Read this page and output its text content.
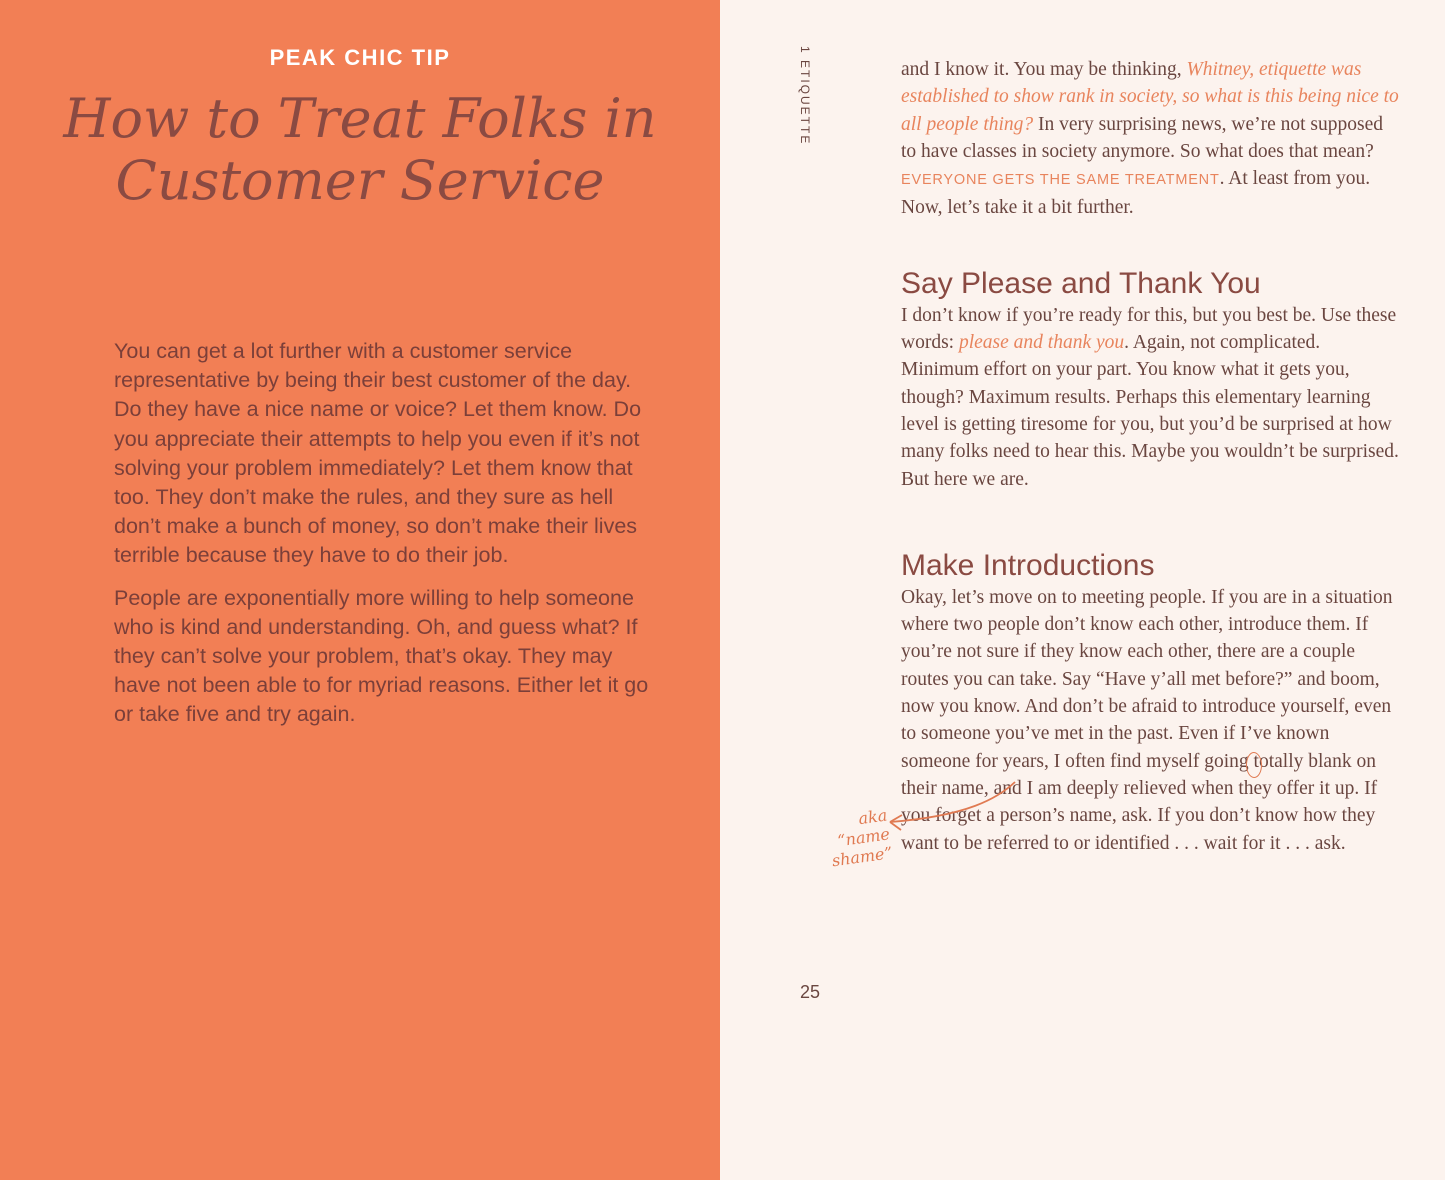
PEAK CHIC TIP
How to Treat Folks in Customer Service

You can get a lot further with a customer service representative by being their best customer of the day. Do they have a nice name or voice? Let them know. Do you appreciate their attempts to help you even if it’s not solving your problem immediately? Let them know that too. They don’t make the rules, and they sure as hell don’t make a bunch of money, so don’t make their lives terrible because they have to do their job.

People are exponentially more willing to help someone who is kind and understanding. Oh, and guess what? If they can’t solve your problem, that’s okay. They may have not been able to for myriad reasons. Either let it go or take five and try again.

1 ETIQUETTE	and I know it. You may be thinking, Whitney, etiquette was established to show rank in society, so what is this being nice to all people thing? In very surprising news, we’re not supposed to have classes in society anymore. So what does that mean? EVERYONE GETS THE SAME TREATMENT. At least from you. Now, let’s take it a bit further.

Say Please and Thank You

I don’t know if you’re ready for this, but you best be. Use these words: please and thank you. Again, not complicated. Minimum effort on your part. You know what it gets you, though? Maximum results. Perhaps this elementary learning level is getting tiresome for you, but you’d be surprised at how many folks need to hear this. Maybe you wouldn’t be surprised. But here we are.

Make Introductions

Okay, let’s move on to meeting people. If you are in a situation where two people don’t know each other, introduce them. If you’re not sure if they know each other, there are a couple routes you can take. Say “Have y’all met before?” and boom, now you know. And don’t be afraid to introduce yourself, even to someone you’ve met in the past. Even if I’ve known someone for years, I often find myself going totally blank on their name,
and I am deeply relieved when they offer it up. If you forget a person’s name, ask. If you don’t know how they want to be referred to or identified . . . wait for it . . . ask.

aka “name shame”
25
